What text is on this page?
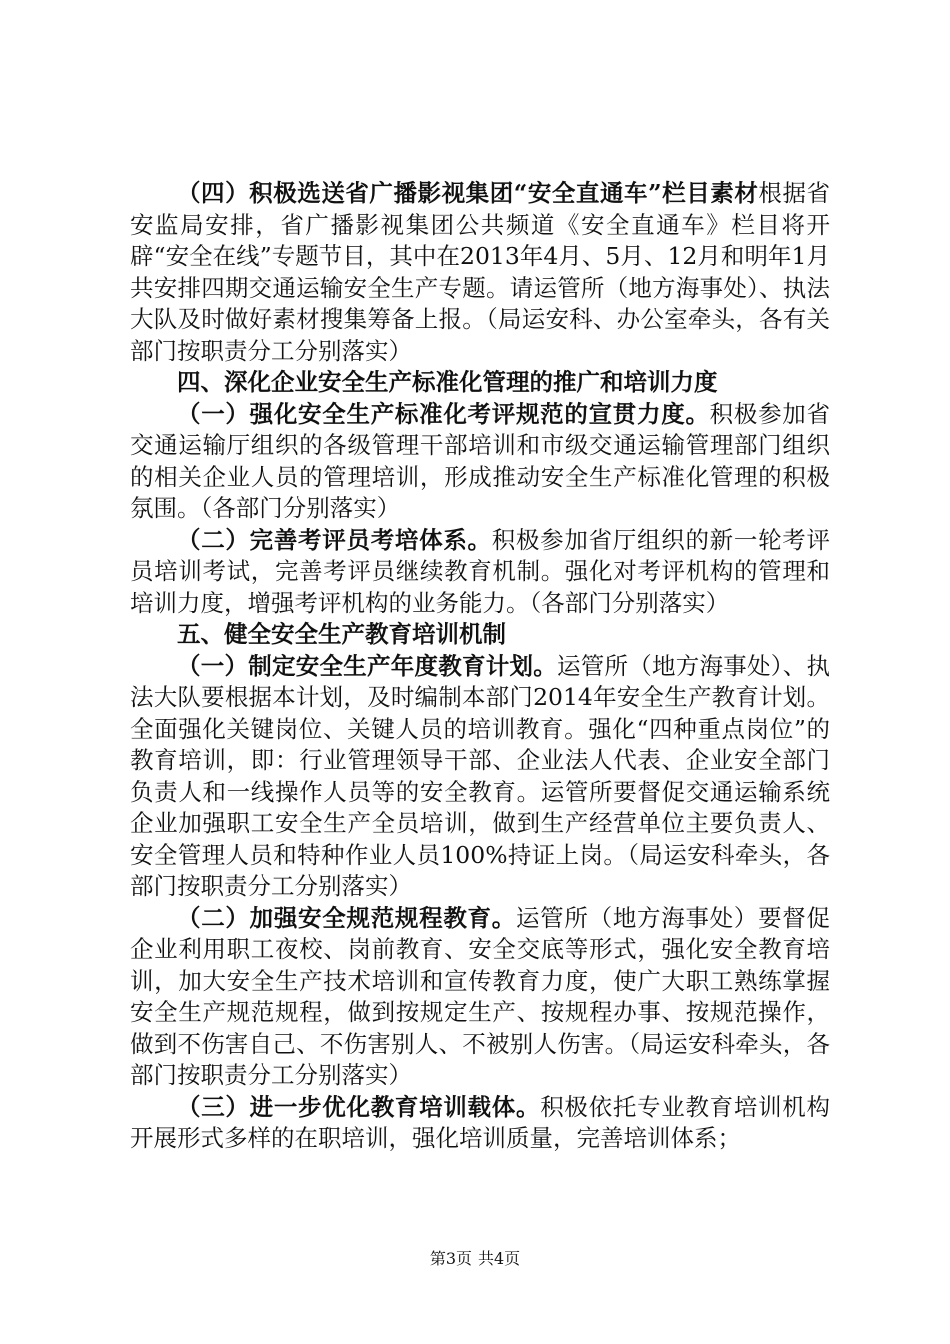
（四）积极选送省广播影视集团“安全直通车”栏目素材根据省安监局安排，省广播影视集团公共频道《安全直通车》栏目将开辟“安全在线”专题节目，其中在2013年4月、5月、12月和明年1月共安排四期交通运输安全生产专题。请运管所（地方海事处）、执法大队及时做好素材搜集筹备上报。（局运安科、办公室牵头，各有关部门按职责分工分别落实）

四、深化企业安全生产标准化管理的推广和培训力度

（一）强化安全生产标准化考评规范的宣贯力度。积极参加省交通运输厅组织的各级管理干部培训和市级交通运输管理部门组织的相关企业人员的管理培训，形成推动安全生产标准化管理的积极氛围。（各部门分别落实）

（二）完善考评员考培体系。积极参加省厅组织的新一轮考评员培训考试，完善考评员继续教育机制。强化对考评机构的管理和培训力度，增强考评机构的业务能力。（各部门分别落实）

五、健全安全生产教育培训机制

（一）制定安全生产年度教育计划。运管所（地方海事处）、执法大队要根据本计划，及时编制本部门2014年安全生产教育计划。全面强化关键岗位、关键人员的培训教育。强化“四种重点岗位”的教育培训，即：行业管理领导干部、企业法人代表、企业安全部门负责人和一线操作人员等的安全教育。运管所要督促交通运输系统企业加强职工安全生产全员培训，做到生产经营单位主要负责人、安全管理人员和特种作业人员100%持证上岗。（局运安科牵头，各部门按职责分工分别落实）

（二）加强安全规范规程教育。运管所（地方海事处）要督促企业利用职工夜校、岗前教育、安全交底等形式，强化安全教育培训，加大安全生产技术培训和宣传教育力度，使广大职工熟练掌握安全生产规范规程，做到按规定生产、按规程办事、按规范操作，做到不伤害自己、不伤害别人、不被别人伤害。（局运安科牵头，各部门按职责分工分别落实）

（三）进一步优化教育培训载体。积极依托专业教育培训机构开展形式多样的在职培训，强化培训质量，完善培训体系；

第3页 共4页
